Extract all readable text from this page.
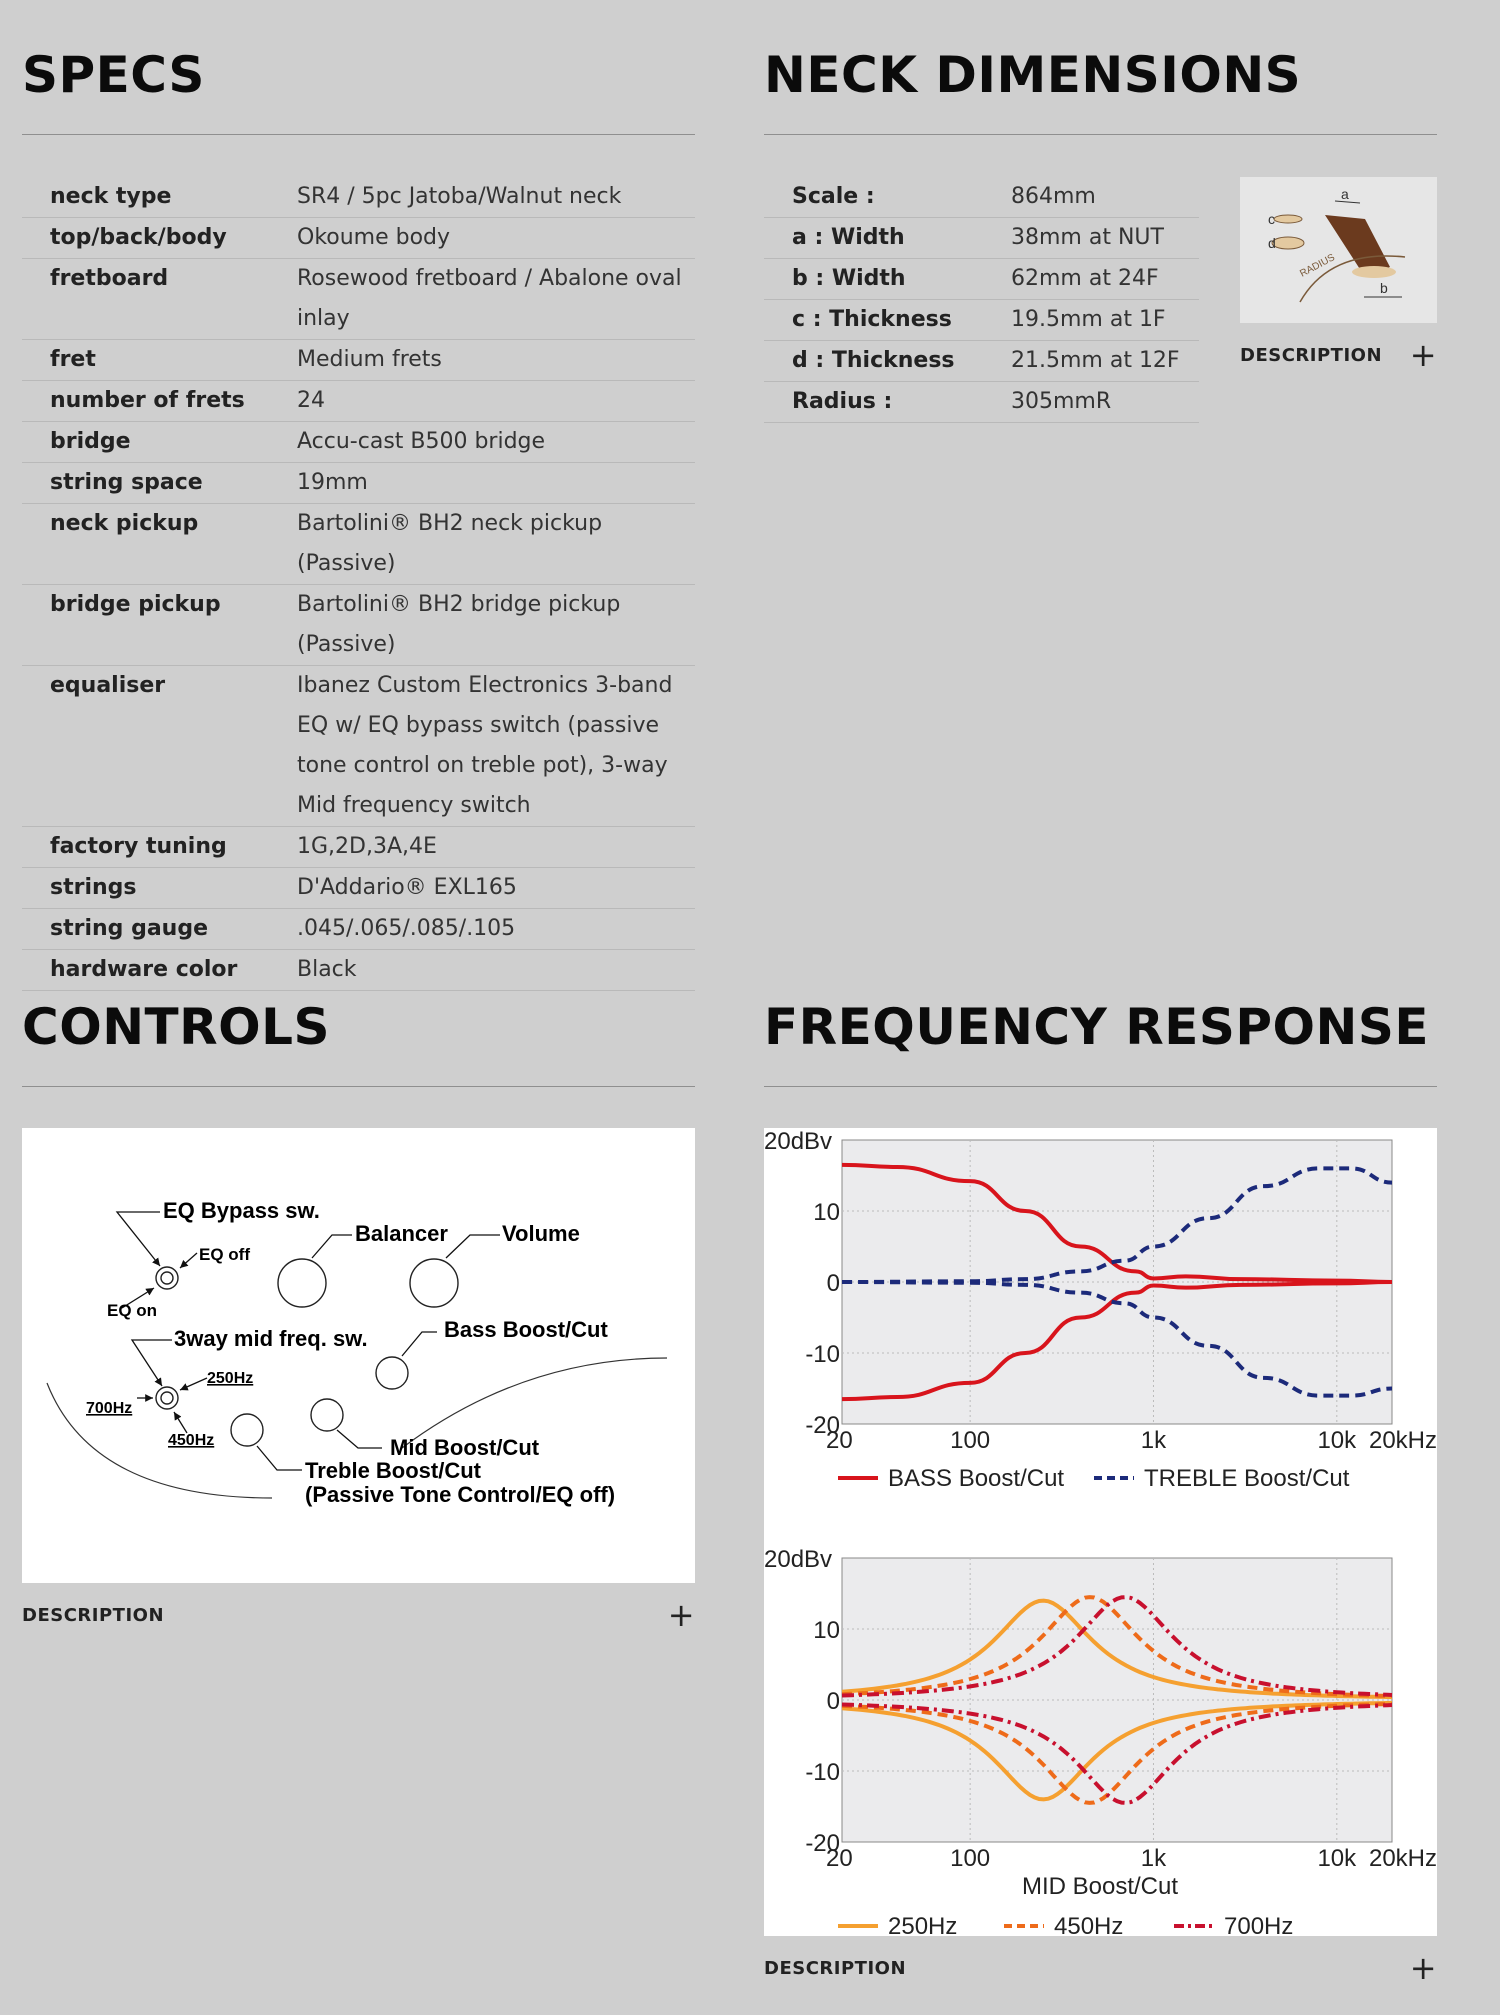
SPECS
neck type	SR4 / 5pc Jatoba/Walnut neck
top/back/body	Okoume body
fretboard	Rosewood fretboard / Abalone oval inlay
fret	Medium frets
number of frets	24
bridge	Accu-cast B500 bridge
string space	19mm
neck pickup	Bartolini® BH2 neck pickup (Passive)
bridge pickup	Bartolini® BH2 bridge pickup (Passive)
equaliser	Ibanez Custom Electronics 3-band EQ w/ EQ bypass switch (passive tone control on treble pot), 3-way Mid frequency switch
factory tuning	1G,2D,3A,4E
strings	D'Addario® EXL165
string gauge	.045/.065/.085/.105
hardware color	Black
NECK DIMENSIONS
Scale :	864mm
a : Width	38mm at NUT
b : Width	62mm at 24F
c : Thickness	19.5mm at 1F
d : Thickness	21.5mm at 12F
Radius :	305mmR
c
d
a
b
RADIUS
DESCRIPTION +
CONTROLS
EQ Bypass sw.
EQ off
EQ on
Balancer Volume
3way mid freq. sw.	Bass Boost/Cut
250Hz
700Hz
450Hz	Mid Boost/Cut
Treble Boost/Cut
(Passive Tone Control/EQ off)
DESCRIPTION	+
FREQUENCY RESPONSE
20dBv
10
0
-10
-20
20	100	1k	10k 20kHz
BASS Boost/Cut	TREBLE Boost/Cut
20dBv
10
0
-10
-20
20	100	1k	10k 20kHz
MID Boost/Cut
250Hz	450Hz	700Hz
DESCRIPTION	+
